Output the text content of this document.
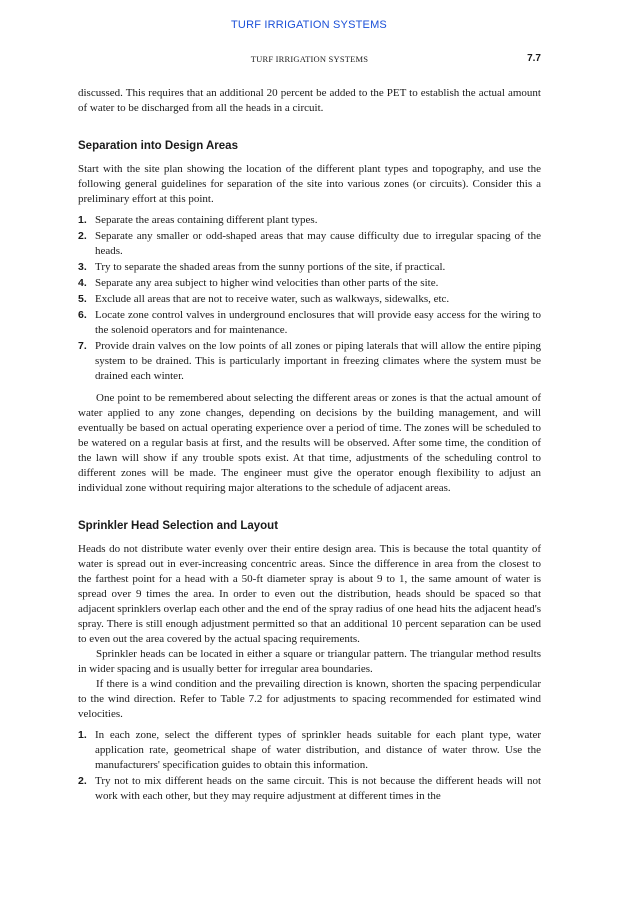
TURF IRRIGATION SYSTEMS
TURF IRRIGATION SYSTEMS	7.7

discussed. This requires that an additional 20 percent be added to the PET to establish the actual amount of water to be discharged from all the heads in a circuit.

Separation into Design Areas

Start with the site plan showing the location of the different plant types and topography, and use the following general guidelines for separation of the site into various zones (or circuits). Consider this a preliminary effort at this point.

1. Separate the areas containing different plant types.
2. Separate any smaller or odd-shaped areas that may cause difficulty due to irregular spacing of the heads.
3. Try to separate the shaded areas from the sunny portions of the site, if practical.
4. Separate any area subject to higher wind velocities than other parts of the site.
5. Exclude all areas that are not to receive water, such as walkways, sidewalks, etc.
6. Locate zone control valves in underground enclosures that will provide easy access for the wiring to the solenoid operators and for maintenance.
7. Provide drain valves on the low points of all zones or piping laterals that will allow the entire piping system to be drained. This is particularly important in freezing climates where the system must be drained each winter.

One point to be remembered about selecting the different areas or zones is that the actual amount of water applied to any zone changes, depending on decisions by the building management, and will eventually be based on actual operating experience over a period of time. The zones will be scheduled to be watered on a regular basis at first, and the results will be observed. After some time, the condition of the lawn will show if any trouble spots exist. At that time, adjustments of the scheduling control to different zones will be made. The engineer must give the operator enough flexibility to adjust an individual zone without requiring major alterations to the schedule of adjacent areas.

Sprinkler Head Selection and Layout

Heads do not distribute water evenly over their entire design area. This is because the total quantity of water is spread out in ever-increasing concentric areas. Since the difference in area from the closest to the farthest point for a head with a 50-ft diameter spray is about 9 to 1, the same amount of water is spread over 9 times the area. In order to even out the distribution, heads should be spaced so that adjacent sprinklers overlap each other and the end of the spray radius of one head hits the adjacent head's spray. There is still enough adjustment permitted so that an additional 10 percent separation can be used to even out the area covered by the actual spacing requirements.

Sprinkler heads can be located in either a square or triangular pattern. The triangular method results in wider spacing and is usually better for irregular area boundaries.

If there is a wind condition and the prevailing direction is known, shorten the spacing perpendicular to the wind direction. Refer to Table 7.2 for adjustments to spacing recommended for estimated wind velocities.

1. In each zone, select the different types of sprinkler heads suitable for each plant type, water application rate, geometrical shape of water distribution, and distance of water throw. Use the manufacturers' specification guides to obtain this information.
2. Try not to mix different heads on the same circuit. This is not because the different heads will not work with each other, but they may require adjustment at different times in the
